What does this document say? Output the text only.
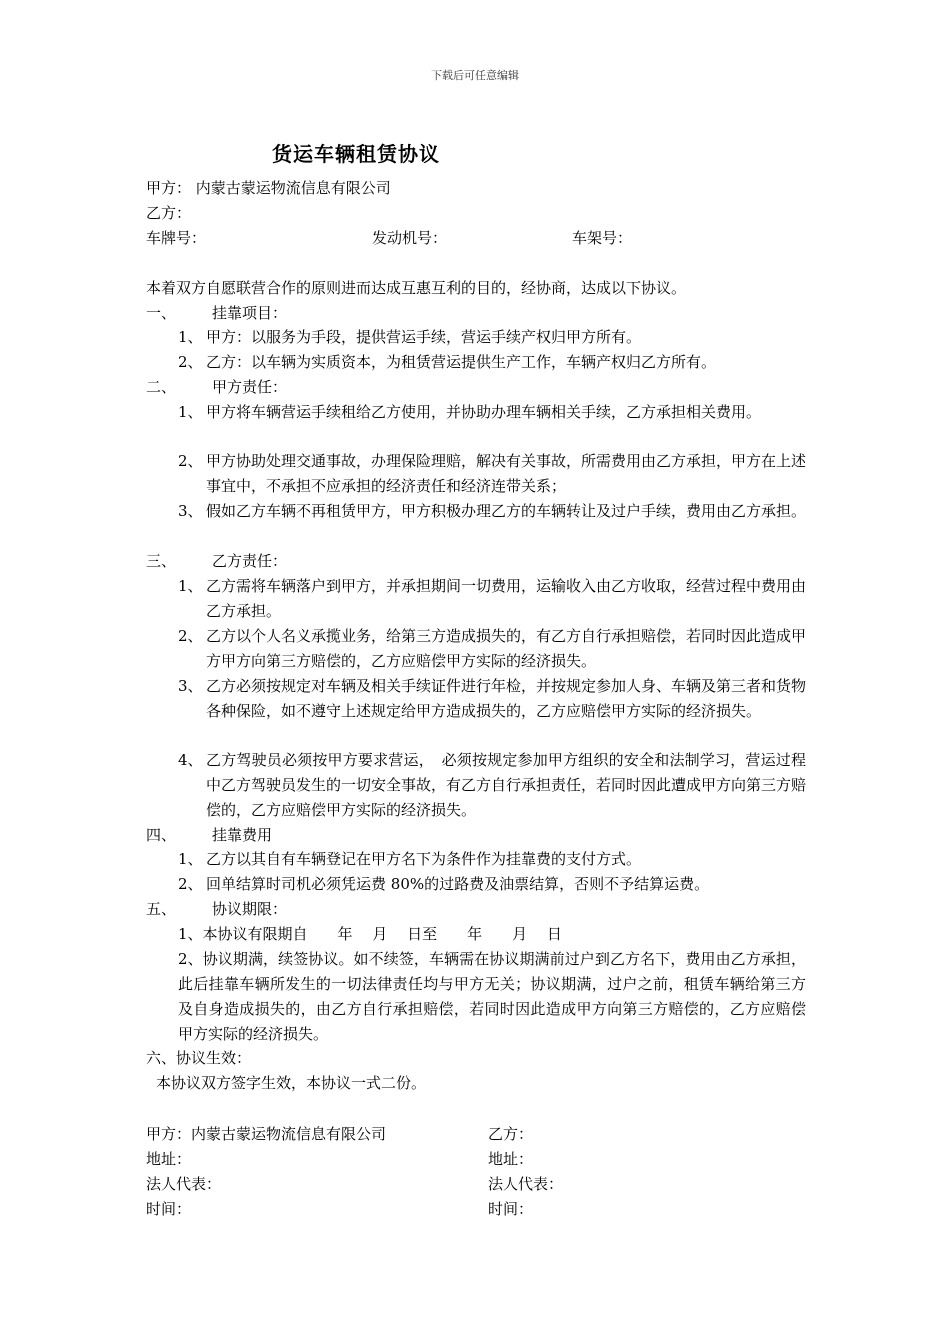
下载后可任意编辑
货运车辆租赁协议
甲方： 内蒙古蒙运物流信息有限公司
乙方：
车牌号：	发动机号：	车架号：
本着双方自愿联营合作的原则进而达成互惠互利的目的，经协商，达成以下协议。
一、 挂靠项目：
1、 甲方：以服务为手段，提供营运手续，营运手续产权归甲方所有。
2、 乙方：以车辆为实质资本，为租赁营运提供生产工作，车辆产权归乙方所有。
二、 甲方责任：
1、 甲方将车辆营运手续租给乙方使用，并协助办理车辆相关手续，乙方承担相关费用。
2、 甲方协助处理交通事故，办理保险理赔，解决有关事故，所需费用由乙方承担，甲方在上述事宜中，不承担不应承担的经济责任和经济连带关系；
3、 假如乙方车辆不再租赁甲方，甲方积极办理乙方的车辆转让及过户手续，费用由乙方承担。
三、 乙方责任：
1、 乙方需将车辆落户到甲方，并承担期间一切费用，运输收入由乙方收取，经营过程中费用由乙方承担。
2、 乙方以个人名义承揽业务，给第三方造成损失的，有乙方自行承担赔偿，若同时因此造成甲方甲方向第三方赔偿的，乙方应赔偿甲方实际的经济损失。
3、 乙方必须按规定对车辆及相关手续证件进行年检，并按规定参加人身、车辆及第三者和货物各种保险，如不遵守上述规定给甲方造成损失的，乙方应赔偿甲方实际的经济损失。
4、 乙方驾驶员必须按甲方要求营运，　必须按规定参加甲方组织的安全和法制学习，营运过程中乙方驾驶员发生的一切安全事故，有乙方自行承担责任，若同时因此遭成甲方向第三方赔偿的，乙方应赔偿甲方实际的经济损失。
四、 挂靠费用
1、 乙方以其自有车辆登记在甲方名下为条件作为挂靠费的支付方式。
2、 回单结算时司机必须凭运费 80%的过路费及油票结算，否则不予结算运费。
五、 协议期限：
1、本协议有限期自　　年　 月　 日至　　年　　月　 日
2、协议期满，续签协议。如不续签，车辆需在协议期满前过户到乙方名下，费用由乙方承担，此后挂靠车辆所发生的一切法律责任均与甲方无关；协议期满，过户之前，租赁车辆给第三方及自身造成损失的，由乙方自行承担赔偿，若同时因此造成甲方向第三方赔偿的，乙方应赔偿甲方实际的经济损失。
六、协议生效：
本协议双方签字生效，本协议一式二份。
甲方：内蒙古蒙运物流信息有限公司
地址：
法人代表：
时间：
乙方：
地址：
法人代表：
时间：
